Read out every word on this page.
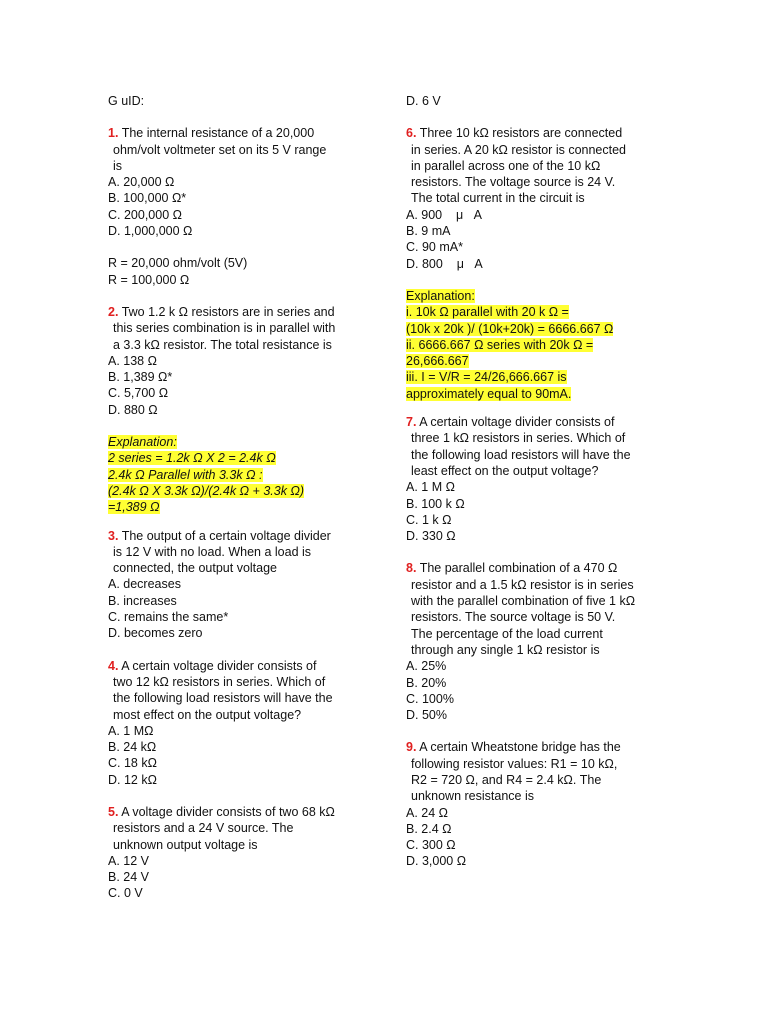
G uID:
1. The internal resistance of a 20,000
ohm/volt voltmeter set on its 5 V range
is
A. 20,000 Ω
B. 100,000 Ω*
C. 200,000 Ω
D. 1,000,000 Ω
R = 20,000 ohm/volt (5V)
R = 100,000 Ω
2. Two 1.2 k Ω resistors are in series and
this series combination is in parallel with
a 3.3 kΩ resistor. The total resistance is
A. 138 Ω
B. 1,389 Ω*
C. 5,700 Ω
D. 880 Ω
Explanation:
2 series = 1.2k Ω X 2 = 2.4k Ω
2.4k Ω Parallel with 3.3k Ω :
(2.4k Ω X 3.3k Ω)/(2.4k Ω + 3.3k Ω)
=1,389 Ω
3. The output of a certain voltage divider
is 12 V with no load. When a load is
connected, the output voltage
A. decreases
B. increases
C. remains the same*
D. becomes zero
4. A certain voltage divider consists of
two 12 kΩ resistors in series. Which of
the following load resistors will have the
most effect on the output voltage?
A. 1 MΩ
B. 24 kΩ
C. 18 kΩ
D. 12 kΩ
5. A voltage divider consists of two 68 kΩ
resistors and a 24 V source. The
unknown output voltage is
A. 12 V
B. 24 V
C. 0 V
D. 6 V
6. Three 10 kΩ resistors are connected
in series. A 20 kΩ resistor is connected
in parallel across one of the 10 kΩ
resistors. The voltage source is 24 V.
The total current in the circuit is
A. 900    μ   A
B. 9 mA
C. 90 mA*
D. 800    μ   A
Explanation:
i. 10k Ω parallel with 20 k Ω =
(10k x 20k )/ (10k+20k) = 6666.667 Ω
ii. 6666.667 Ω series with 20k Ω =
26,666.667
iii. I = V/R = 24/26,666.667 is
approximately equal to 90mA.
7. A certain voltage divider consists of
three 1 kΩ resistors in series. Which of
the following load resistors will have the
least effect on the output voltage?
A. 1 M Ω
B. 100 k Ω
C. 1 k Ω
D. 330 Ω
8. The parallel combination of a 470 Ω
resistor and a 1.5 kΩ resistor is in series
with the parallel combination of five 1 kΩ
resistors. The source voltage is 50 V.
The percentage of the load current
through any single 1 kΩ resistor is
A. 25%
B. 20%
C. 100%
D. 50%
9. A certain Wheatstone bridge has the
following resistor values: R1 = 10 kΩ,
R2 = 720 Ω, and R4 = 2.4 kΩ. The
unknown resistance is
A. 24 Ω
B. 2.4 Ω
C. 300 Ω
D. 3,000 Ω
